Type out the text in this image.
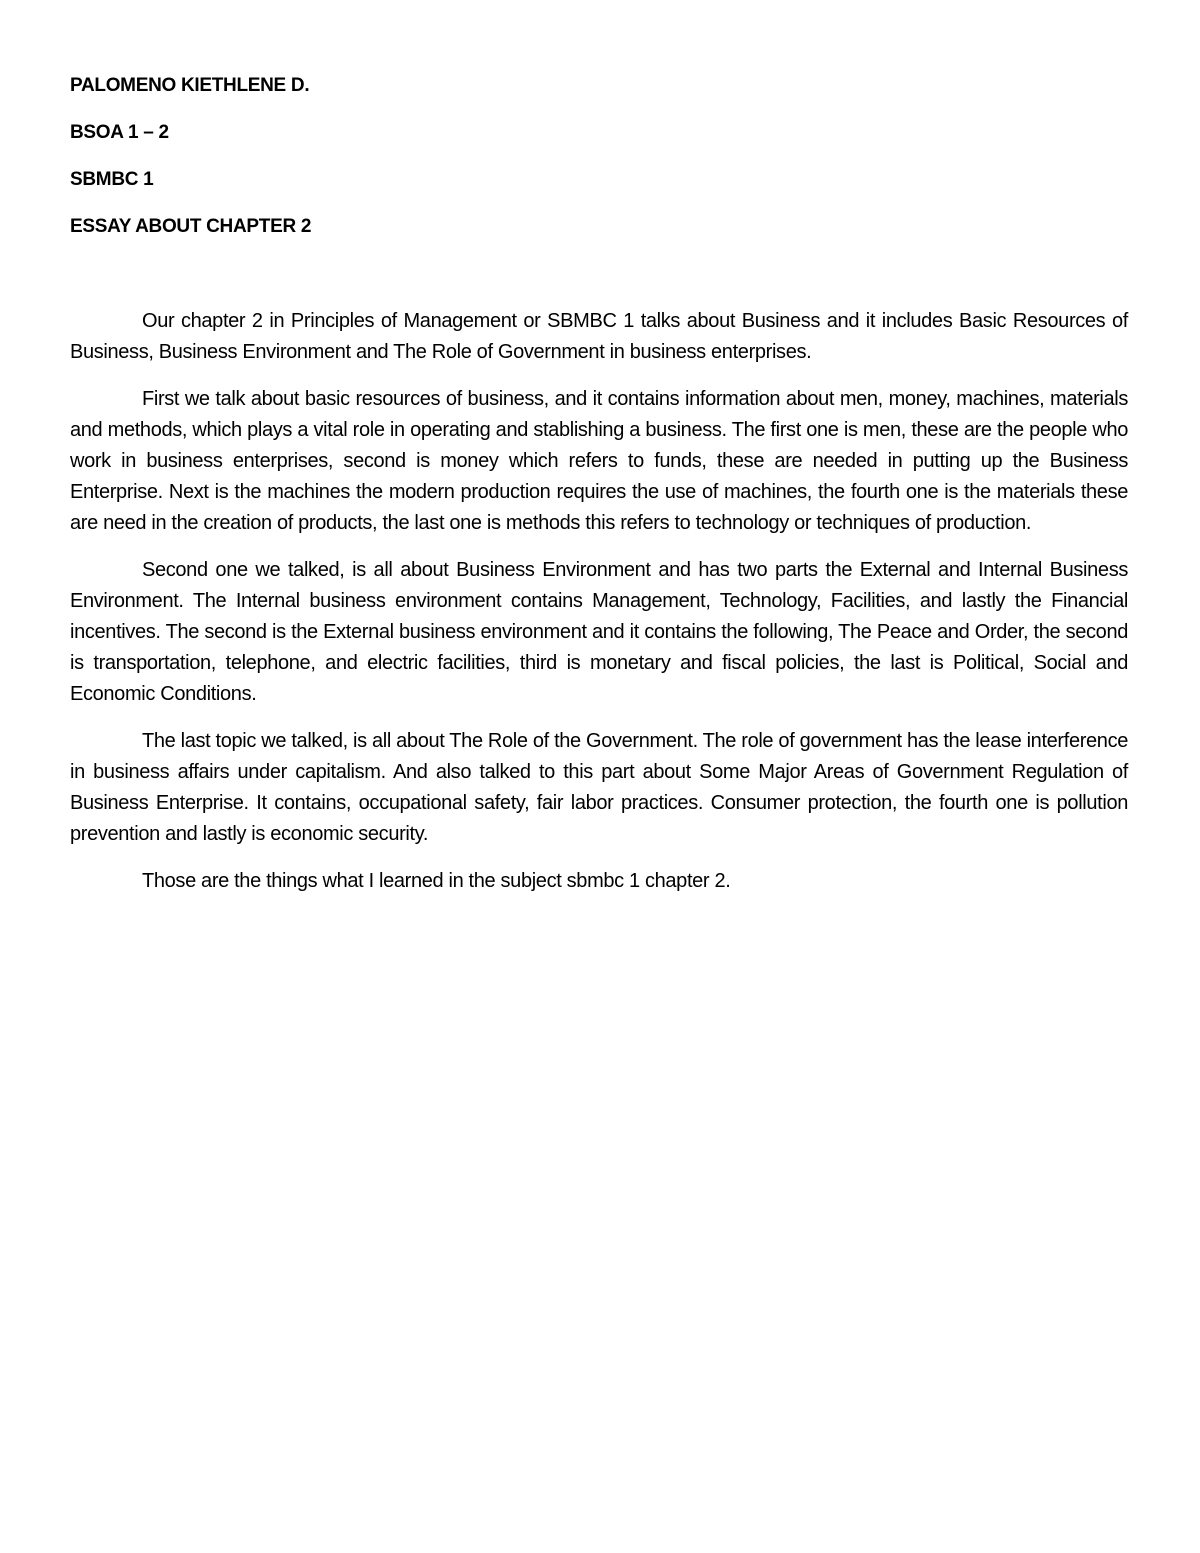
PALOMENO KIETHLENE D.
BSOA 1 – 2
SBMBC 1
ESSAY ABOUT CHAPTER 2

Our chapter 2 in Principles of Management or SBMBC 1 talks about Business and it includes Basic Resources of Business, Business Environment and The Role of Government in business enterprises.

First we talk about basic resources of business, and it contains information about men, money, machines, materials and methods, which plays a vital role in operating and stablishing a business. The first one is men, these are the people who work in business enterprises, second is money which refers to funds, these are needed in putting up the Business Enterprise. Next is the machines the modern production requires the use of machines, the fourth one is the materials these are need in the creation of products, the last one is methods this refers to technology or techniques of production.

Second one we talked, is all about Business Environment and has two parts the External and Internal Business Environment. The Internal business environment contains Management, Technology, Facilities, and lastly the Financial incentives. The second is the External business environment and it contains the following, The Peace and Order, the second is transportation, telephone, and electric facilities, third is monetary and fiscal policies, the last is Political, Social and Economic Conditions.

The last topic we talked, is all about The Role of the Government. The role of government has the lease interference in business affairs under capitalism. And also talked to this part about Some Major Areas of Government Regulation of Business Enterprise. It contains, occupational safety, fair labor practices. Consumer protection, the fourth one is pollution prevention and lastly is economic security.

Those are the things what I learned in the subject sbmbc 1 chapter 2.
